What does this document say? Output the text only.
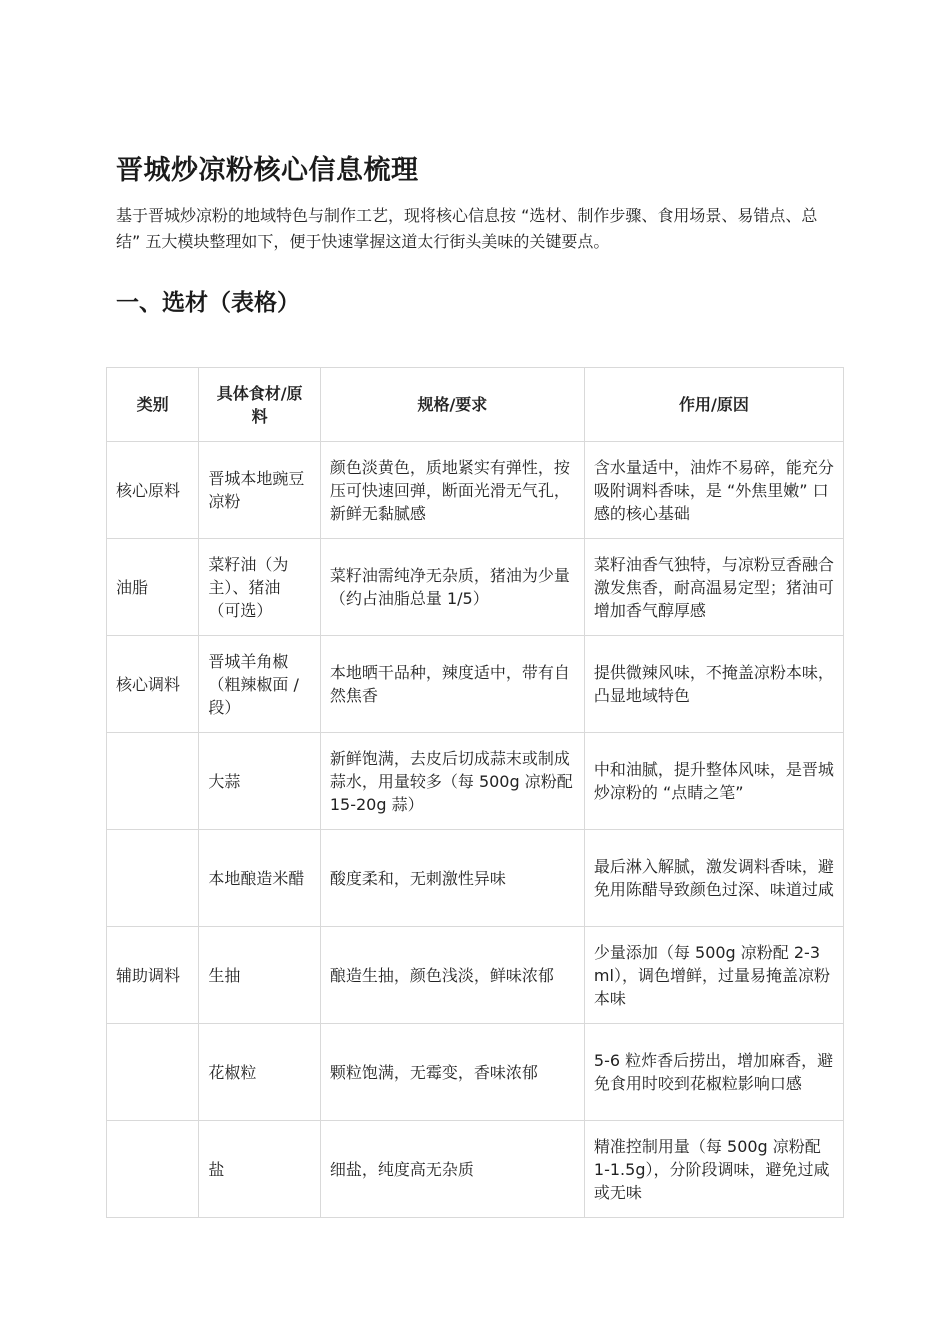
晋城炒凉粉核心信息梳理

基于晋城炒凉粉的地域特色与制作工艺，现将核心信息按 “选材、制作步骤、食用场景、易错点、总结” 五大模块整理如下，便于快速掌握这道太行街头美味的关键要点。

一、选材（表格）
类别	具体食材/原料	规格/要求	作用/原因
核心原料	晋城本地豌豆凉粉	颜色淡黄色，质地紧实有弹性，按压可快速回弹，断面光滑无气孔，新鲜无黏腻感	含水量适中，油炸不易碎，能充分吸附调料香味，是 “外焦里嫩” 口感的核心基础
油脂	菜籽油（为主）、猪油（可选）	菜籽油需纯净无杂质，猪油为少量（约占油脂总量 1/5）	菜籽油香气独特，与凉粉豆香融合激发焦香，耐高温易定型；猪油可增加香气醇厚感
核心调料	晋城羊角椒（粗辣椒面 / 段）	本地晒干品种，辣度适中，带有自然焦香	提供微辣风味，不掩盖凉粉本味，凸显地域特色
	大蒜	新鲜饱满，去皮后切成蒜末或制成蒜水，用量较多（每 500g 凉粉配 15-20g 蒜）	中和油腻，提升整体风味，是晋城炒凉粉的 “点睛之笔”
	本地酿造米醋	酸度柔和，无刺激性异味	最后淋入解腻，激发调料香味，避免用陈醋导致颜色过深、味道过咸
辅助调料	生抽	酿造生抽，颜色浅淡，鲜味浓郁	少量添加（每 500g 凉粉配 2-3ml），调色增鲜，过量易掩盖凉粉本味
	花椒粒	颗粒饱满，无霉变，香味浓郁	5-6 粒炸香后捞出，增加麻香，避免食用时咬到花椒粒影响口感
	盐	细盐，纯度高无杂质	精准控制用量（每 500g 凉粉配 1-1.5g），分阶段调味，避免过咸或无味
